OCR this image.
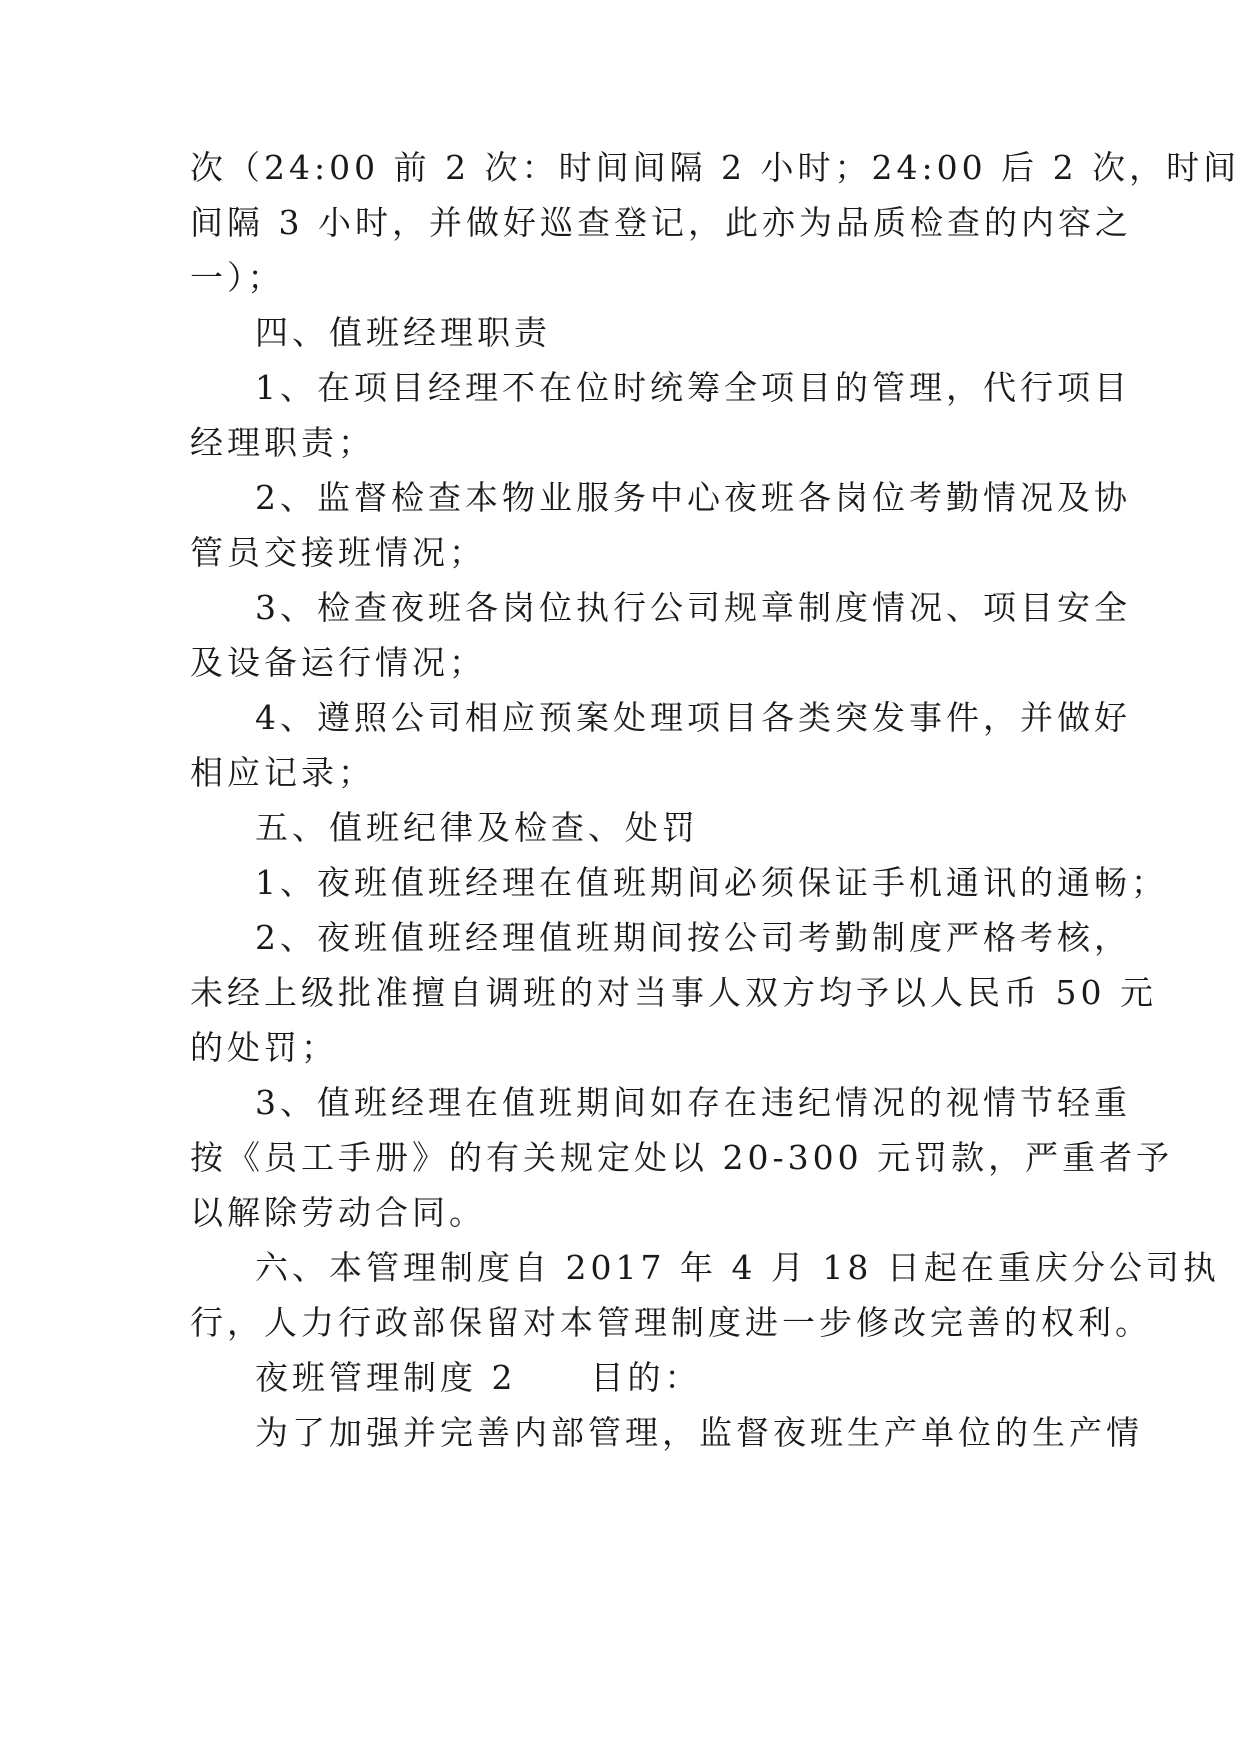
次（24:00 前 2 次：时间间隔 2 小时；24:00 后 2 次，时间

间隔 3 小时，并做好巡查登记，此亦为品质检查的内容之

一）；

四、值班经理职责

1、在项目经理不在位时统筹全项目的管理，代行项目

经理职责；

2、监督检查本物业服务中心夜班各岗位考勤情况及协

管员交接班情况；

3、检查夜班各岗位执行公司规章制度情况、项目安全

及设备运行情况；

4、遵照公司相应预案处理项目各类突发事件，并做好

相应记录；

五、值班纪律及检查、处罚

1、夜班值班经理在值班期间必须保证手机通讯的通畅；

2、夜班值班经理值班期间按公司考勤制度严格考核，

未经上级批准擅自调班的对当事人双方均予以人民币 50 元

的处罚；

3、值班经理在值班期间如存在违纪情况的视情节轻重

按《员工手册》的有关规定处以 20-300 元罚款，严重者予

以解除劳动合同。

六、本管理制度自 2017 年 4 月 18 日起在重庆分公司执

行，人力行政部保留对本管理制度进一步修改完善的权利。

夜班管理制度 2　　目的：

为了加强并完善内部管理，监督夜班生产单位的生产情
